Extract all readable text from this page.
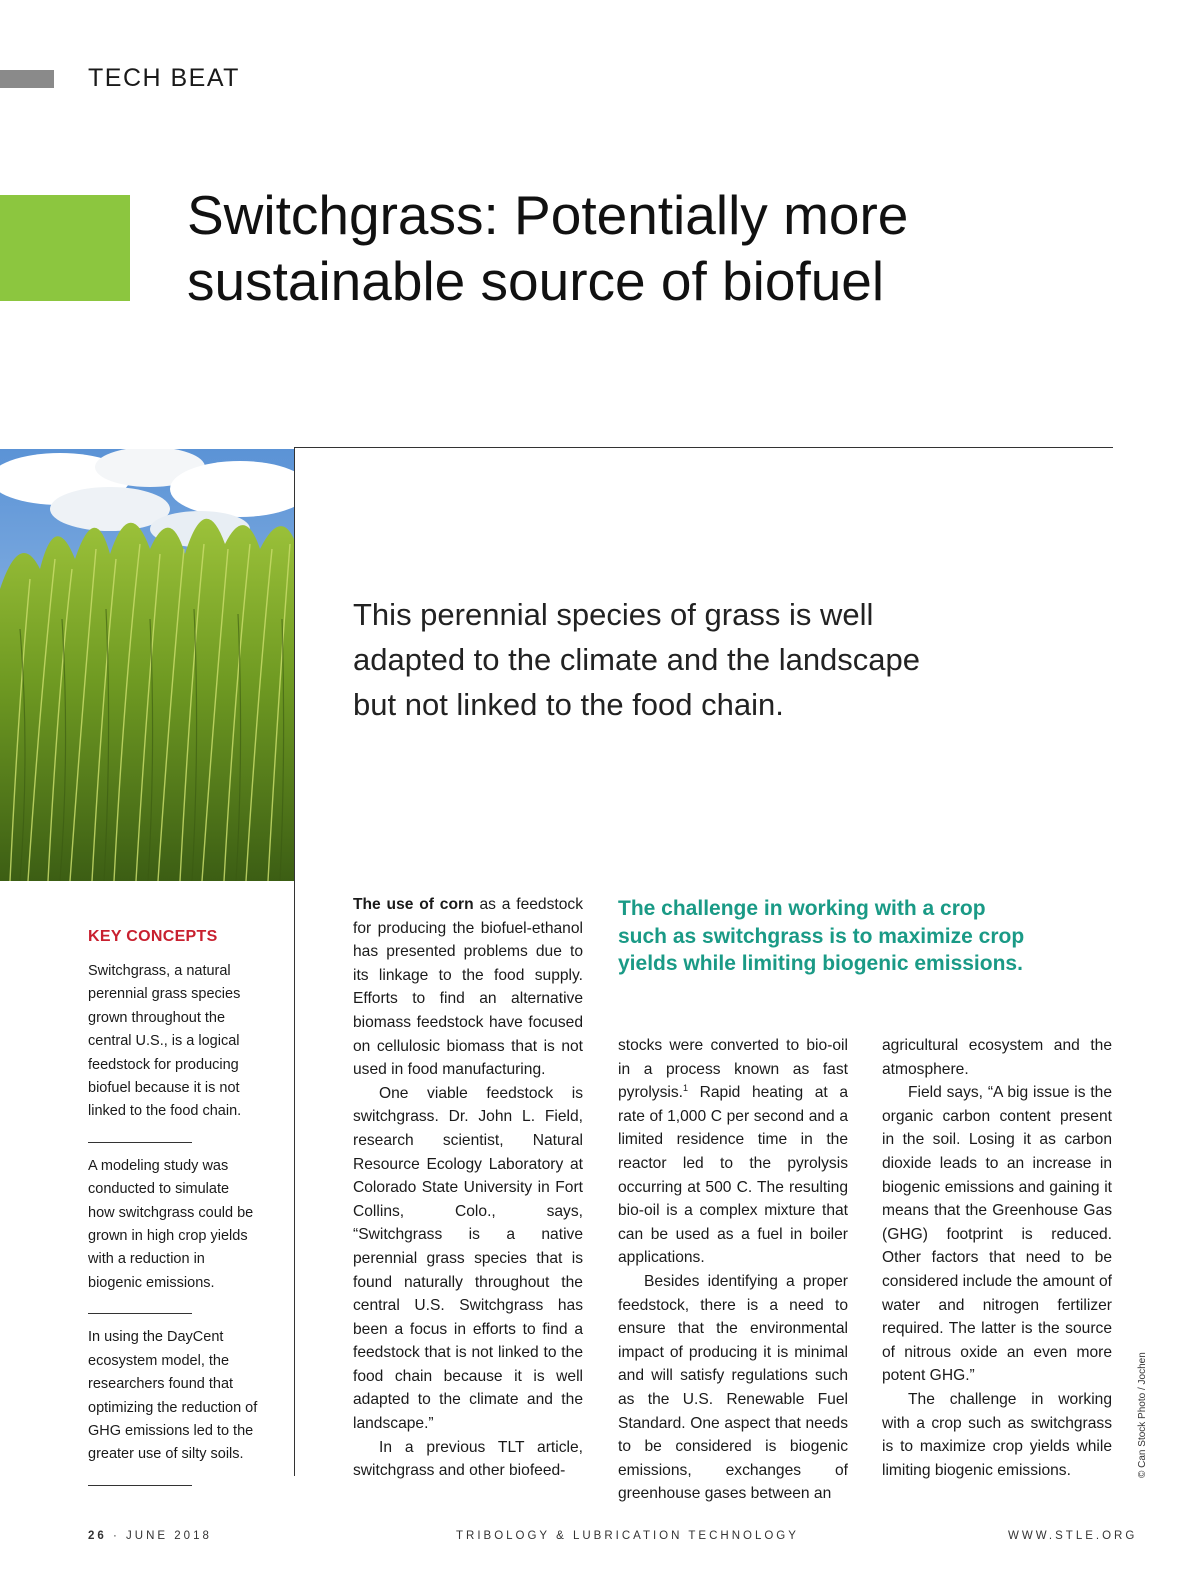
TECH BEAT
Switchgrass: Potentially more
sustainable source of biofuel
This perennial species of grass is well
adapted to the climate and the landscape
but not linked to the food chain.
KEY CONCEPTS
Switchgrass, a natural perennial grass species grown throughout the central U.S., is a logical feedstock for producing biofuel because it is not linked to the food chain.
A modeling study was conducted to simulate how switchgrass could be grown in high crop yields with a reduction in biogenic emissions.
In using the DayCent ecosystem model, the researchers found that optimizing the reduction of GHG emissions led to the greater use of silty soils.

The use of corn as a feedstock for producing the biofuel-ethanol has presented problems due to its linkage to the food supply. Efforts to find an alternative biomass feedstock have focused on cellulosic biomass that is not used in food manufacturing.

One viable feedstock is switchgrass. Dr. John L. Field, research scientist, Natural Resource Ecology Laboratory at Colorado State University in Fort Collins, Colo., says, “Switchgrass is a native perennial grass species that is found naturally throughout the central U.S. Switchgrass has been a focus in efforts to find a feedstock that is not linked to the food chain because it is well adapted to the climate and the landscape.”

In a previous TLT article, switchgrass and other biofeed-

The challenge in working with a crop
such as switchgrass is to maximize crop
yields while limiting biogenic emissions.

stocks were converted to bio-oil in a process known as fast pyrolysis.$^1$ Rapid heating at a rate of 1,000 C per second and a limited residence time in the reactor led to the pyrolysis occurring at 500 C. The resulting bio-oil is a complex mixture that can be used as a fuel in boiler applications.

Besides identifying a proper feedstock, there is a need to ensure that the environmental impact of producing it is minimal and will satisfy regulations such as the U.S. Renewable Fuel Standard. One aspect that needs to be considered is biogenic emissions, exchanges of greenhouse gases between an

agricultural ecosystem and the atmosphere.

Field says, “A big issue is the organic carbon content present in the soil. Losing it as carbon dioxide leads to an increase in biogenic emissions and gaining it means that the Greenhouse Gas (GHG) footprint is reduced. Other factors that need to be considered include the amount of water and nitrogen fertilizer required. The latter is the source of nitrous oxide an even more potent GHG.”

The challenge in working with a crop such as switchgrass is to maximize crop yields while limiting biogenic emissions.	© Can Stock Photo / Jochen
26 · JUNE 2018	TRIBOLOGY & LUBRICATION TECHNOLOGY	WWW.STLE.ORG
